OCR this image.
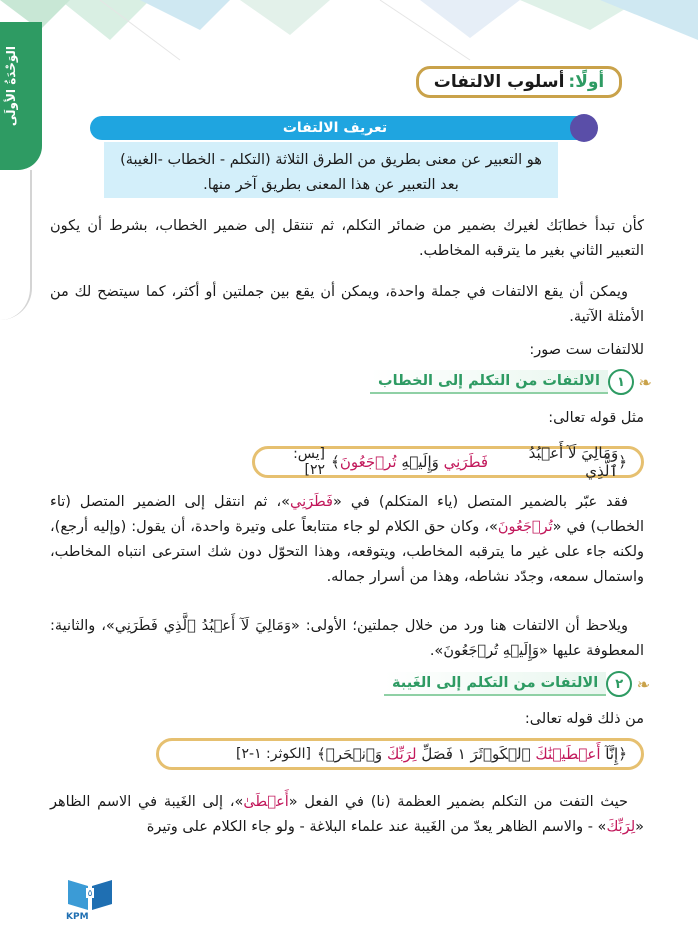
الوَحْدَةُ الأولَى	أولًا:
أسلوب الالتفات
تعريف الالتفات
هو التعبير عن معنى بطريق من الطرق الثلاثة (التكلم - الخطاب -الغيبة)
بعد التعبير عن هذا المعنى بطريق آخر منها.
كأن تبدأ خطابَك لغيرك بضمير من ضمائر التكلم، ثم تنتقل إلى ضمير الخطاب، بشرط أن يكون التعبير الثاني بغير ما يترقبه المخاطب.
ويمكن أن يقع الالتفات في جملة واحدة، ويمكن أن يقع بين جملتين أو أكثر، كما سيتضح لك من الأمثلة الآتية.
للالتفات ست صور:
❧
١
الالتفات من التكلم إلى الخطاب
مثل قوله تعالى:
﴿
وَمَالِيَ لَآ أَعۡبُدُ ٱلَّذِي

فَطَرَنِي

وَإِلَيۡهِ

تُرۡجَعُونَ
﴾
[يس: ٢٢]
فقد عبّر بالضمير المتصل (ياء المتكلم) في «فَطَرَنِي»، ثم انتقل إلى الضمير المتصل (تاء الخطاب) في «تُرۡجَعُونَ»، وكان حق الكلام لو جاء متتابعاً على وتيرة واحدة، أن يقول: (وإليه أرجع)، ولكنه جاء على غير ما يترقبه المخاطب، ويتوقعه، وهذا التحوّل دون شك استرعى انتباه المخاطب، واستمال سمعه، وجدّد نشاطه، وهذا من أسرار جماله.
ويلاحظ أن الالتفات هنا ورد من خلال جملتين؛ الأولى: «وَمَالِيَ لَآ أَعۡبُدُ ٱلَّذِي فَطَرَنِي»، والثانية: المعطوفة عليها «وَإِلَيۡهِ تُرۡجَعُونَ».
❧
٢
الالتفات من التكلم إلى الغَيبة
من ذلك قوله تعالى:
﴿
إِنَّآ

أَعۡطَيۡنَٰكَ

ٱلۡكَوۡثَرَ ١ فَصَلِّ

لِرَبِّكَ

وَٱنۡحَرۡ
﴾
[الكوثر: ١-٢]
حيث التفت من التكلم بضمير العظمة (نا) في الفعل «أَعۡطَىٰ»، إلى الغَيبة في الاسم الظاهر «لِرَبِّكَ» - والاسم الظاهر يعدّ من الغَيبة عند علماء البلاغة - ولو جاء الكلام على وتيرة
٥
KPM
